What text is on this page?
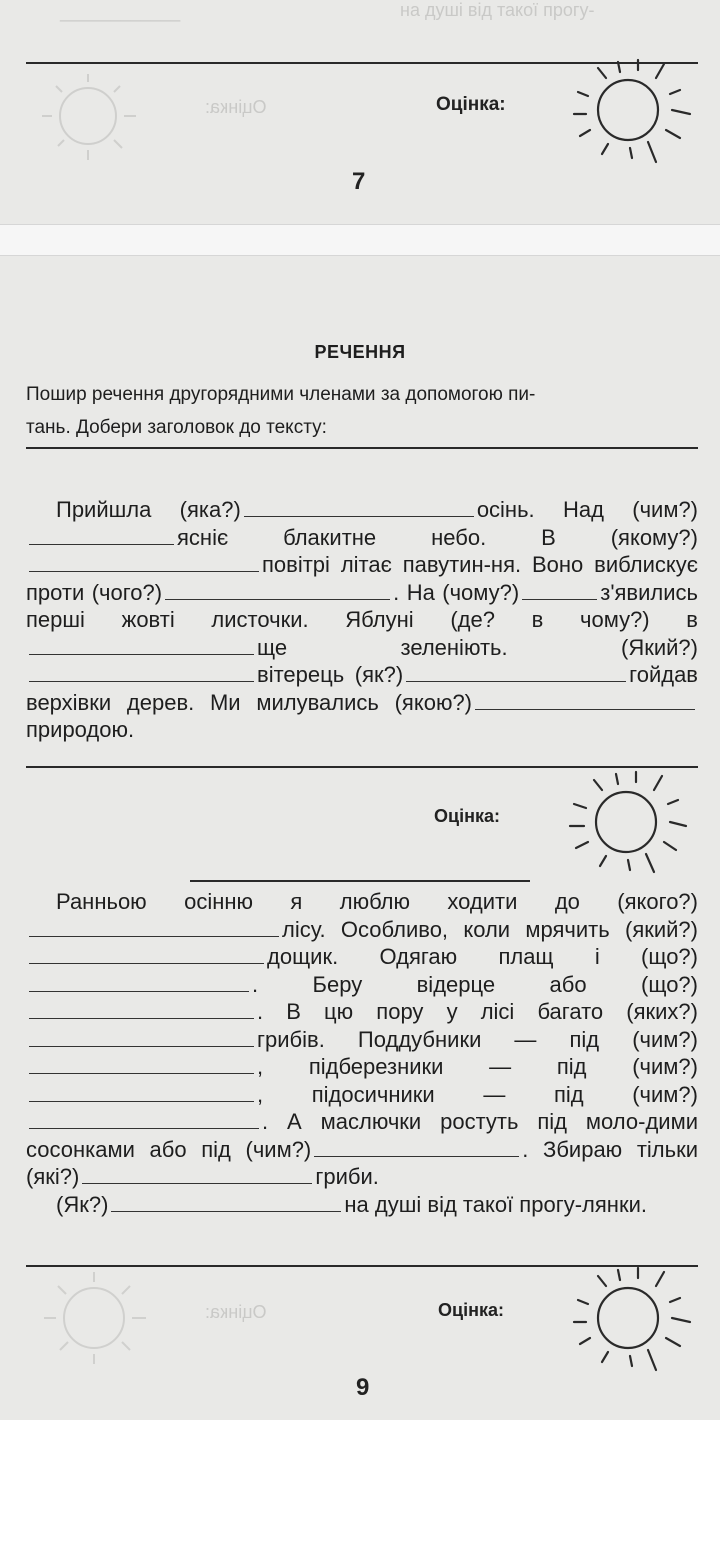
____________	на душі від такої прогу-
Оцінка:	Оцінка:
7
РЕЧЕННЯ
Пошир речення другорядними членами за допомогою пи-
тань. Добери заголовок до тексту:
Прийшла (яка?)	осінь. Над (чим?)ясніє блакитне небо. В (якому?)повітрі літає павутин-ня. Воно виблискує проти (чого?)	. На (чому?)	з'явились перші жовті листочки. Яблуні (де? в чому?) вще зеленіють. (Який?)вітерець (як?)	гойдав верхівки дерев. Ми милувались (якою?)природою.
Оцінка:
Ранньою осінню я люблю ходити до (якого?)лісу. Особливо, коли мрячить (який?)дощик. Одягаю плащ і (що?). Беру відерце або (що?). В цю пору у лісі багато (яких?)грибів. Поддубники — під (чим?), підберезники — під (чим?), підосичники — під (чим?). А маслючки ростуть під моло-дими сосонками або під (чим?)	. Збираю тільки (які?)	гриби.
(Як?)	на душі від такої прогу-лянки.
Оцінка:	Оцінка:
9
